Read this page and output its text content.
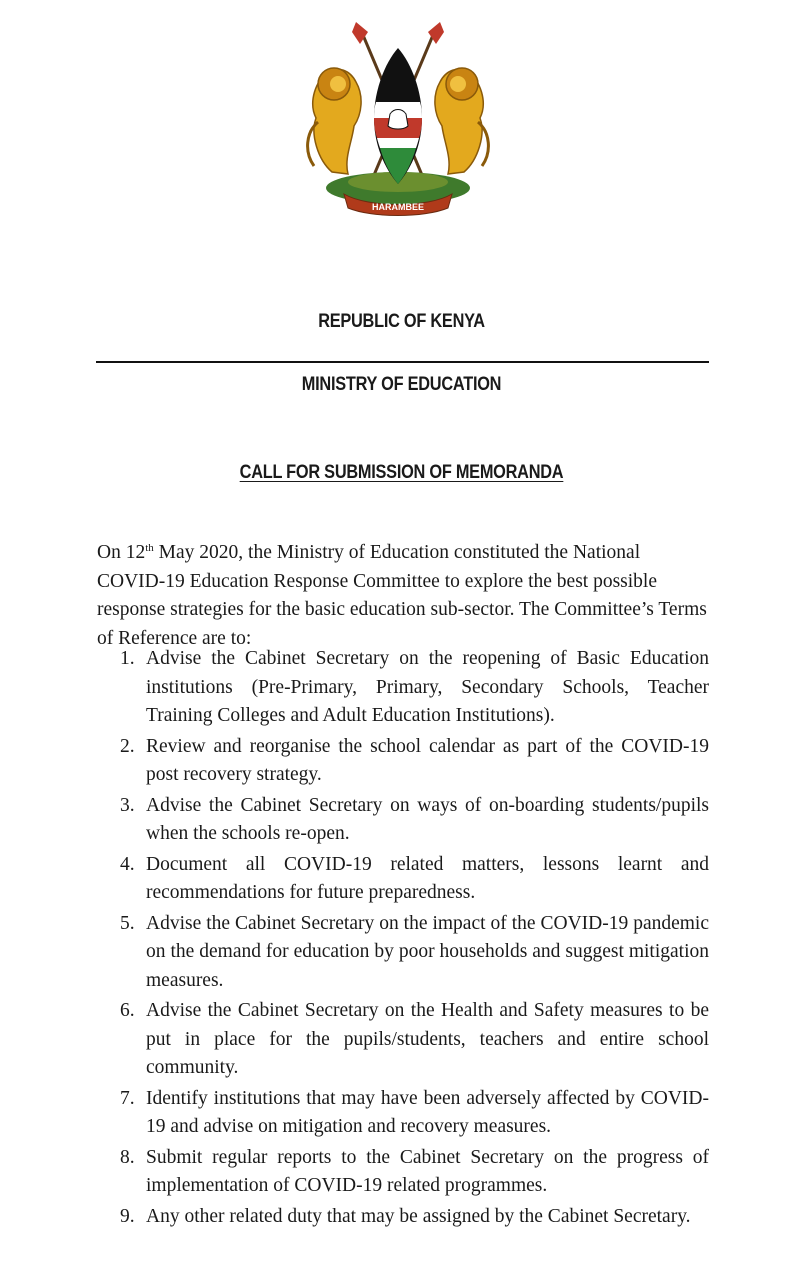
HARAMBEE
REPUBLIC OF KENYA
MINISTRY OF EDUCATION
CALL FOR SUBMISSION OF MEMORANDA

On 12th May 2020, the Ministry of Education constituted the National COVID-19 Education Response Committee to explore the best possible response strategies for the basic education sub-sector. The Committee’s Terms of Reference are to:

1. Advise the Cabinet Secretary on the reopening of Basic Education institutions (Pre-Primary, Primary, Secondary Schools, Teacher Training Colleges and Adult Education Institutions).
2. Review and reorganise the school calendar as part of the COVID-19 post recovery strategy.
3. Advise the Cabinet Secretary on ways of on-boarding students/pupils when the schools re-open.
4. Document all COVID-19 related matters, lessons learnt and recommendations for future preparedness.
5. Advise the Cabinet Secretary on the impact of the COVID-19 pandemic on the demand for education by poor households and suggest mitigation measures.
6. Advise the Cabinet Secretary on the Health and Safety measures to be put in place for the pupils/students, teachers and entire school community.
7. Identify institutions that may have been adversely affected by COVID-19 and advise on mitigation and recovery measures.
8. Submit regular reports to the Cabinet Secretary on the progress of implementation of COVID-19 related programmes.
9. Any other related duty that may be assigned by the Cabinet Secretary.
